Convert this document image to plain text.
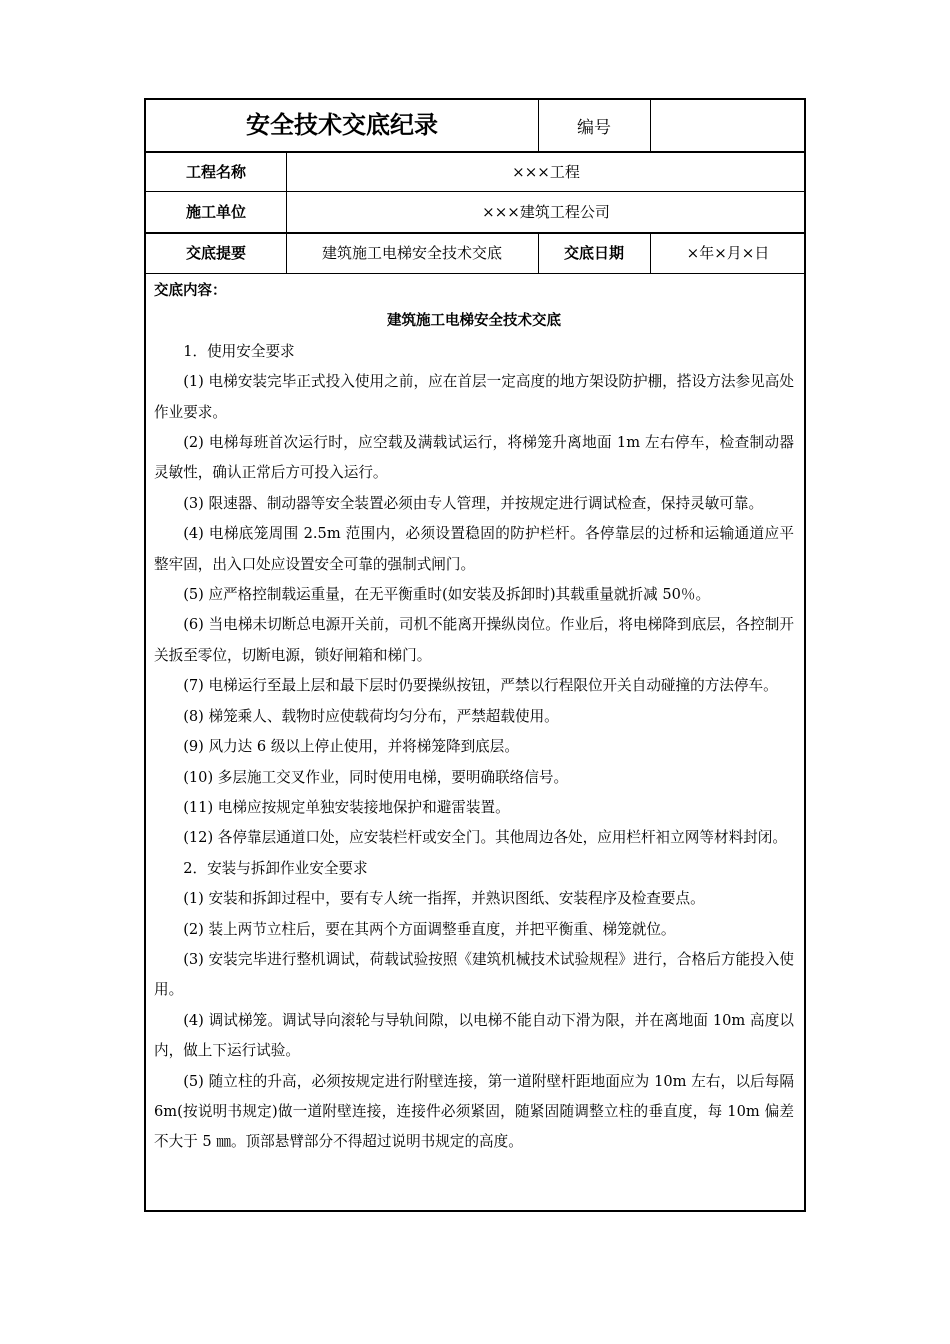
安全技术交底纪录	编号
工程名称	×××工程
施工单位	×××建筑工程公司
交底提要	建筑施工电梯安全技术交底	交底日期	×年×月×日

交底内容：

建筑施工电梯安全技术交底

1．使用安全要求

(1) 电梯安装完毕正式投入使用之前，应在首层一定高度的地方架设防护棚，搭设方法参见高处作业要求。

(2) 电梯每班首次运行时，应空载及满载试运行，将梯笼升离地面 1m 左右停车，检查制动器灵敏性，确认正常后方可投入运行。

(3) 限速器、制动器等安全装置必须由专人管理，并按规定进行调试检查，保持灵敏可靠。

(4) 电梯底笼周围 2.5m 范围内，必须设置稳固的防护栏杆。各停靠层的过桥和运输通道应平整牢固，出入口处应设置安全可靠的强制式闸门。

(5) 应严格控制载运重量，在无平衡重时(如安装及拆卸时)其载重量就折减 50％。

(6) 当电梯未切断总电源开关前，司机不能离开操纵岗位。作业后，将电梯降到底层，各控制开关扳至零位，切断电源，锁好闸箱和梯门。

(7) 电梯运行至最上层和最下层时仍要操纵按钮，严禁以行程限位开关自动碰撞的方法停车。

(8) 梯笼乘人、载物时应使载荷均匀分布，严禁超载使用。

(9) 风力达 6 级以上停止使用，并将梯笼降到底层。

(10) 多层施工交叉作业，同时使用电梯，要明确联络信号。

(11) 电梯应按规定单独安装接地保护和避雷装置。

(12) 各停靠层通道口处，应安装栏杆或安全门。其他周边各处，应用栏杆衵立网等材料封闭。

2．安装与拆卸作业安全要求

(1) 安装和拆卸过程中，要有专人统一指挥，并熟识图纸、安装程序及检查要点。

(2) 装上两节立柱后，要在其两个方面调整垂直度，并把平衡重、梯笼就位。

(3) 安装完毕进行整机调试，荷载试验按照《建筑机械技术试验规程》进行，合格后方能投入使用。

(4) 调试梯笼。调试导向滚轮与导轨间隙，以电梯不能自动下滑为限，并在离地面 10m 高度以内，做上下运行试验。

(5) 随立柱的升高，必须按规定进行附壁连接，第一道附壁杆距地面应为 10m 左右，以后每隔 6m(按说明书规定)做一道附壁连接，连接件必须紧固，随紧固随调整立柱的垂直度，每 10m 偏差不大于 5 ㎜。顶部悬臂部分不得超过说明书规定的高度。
